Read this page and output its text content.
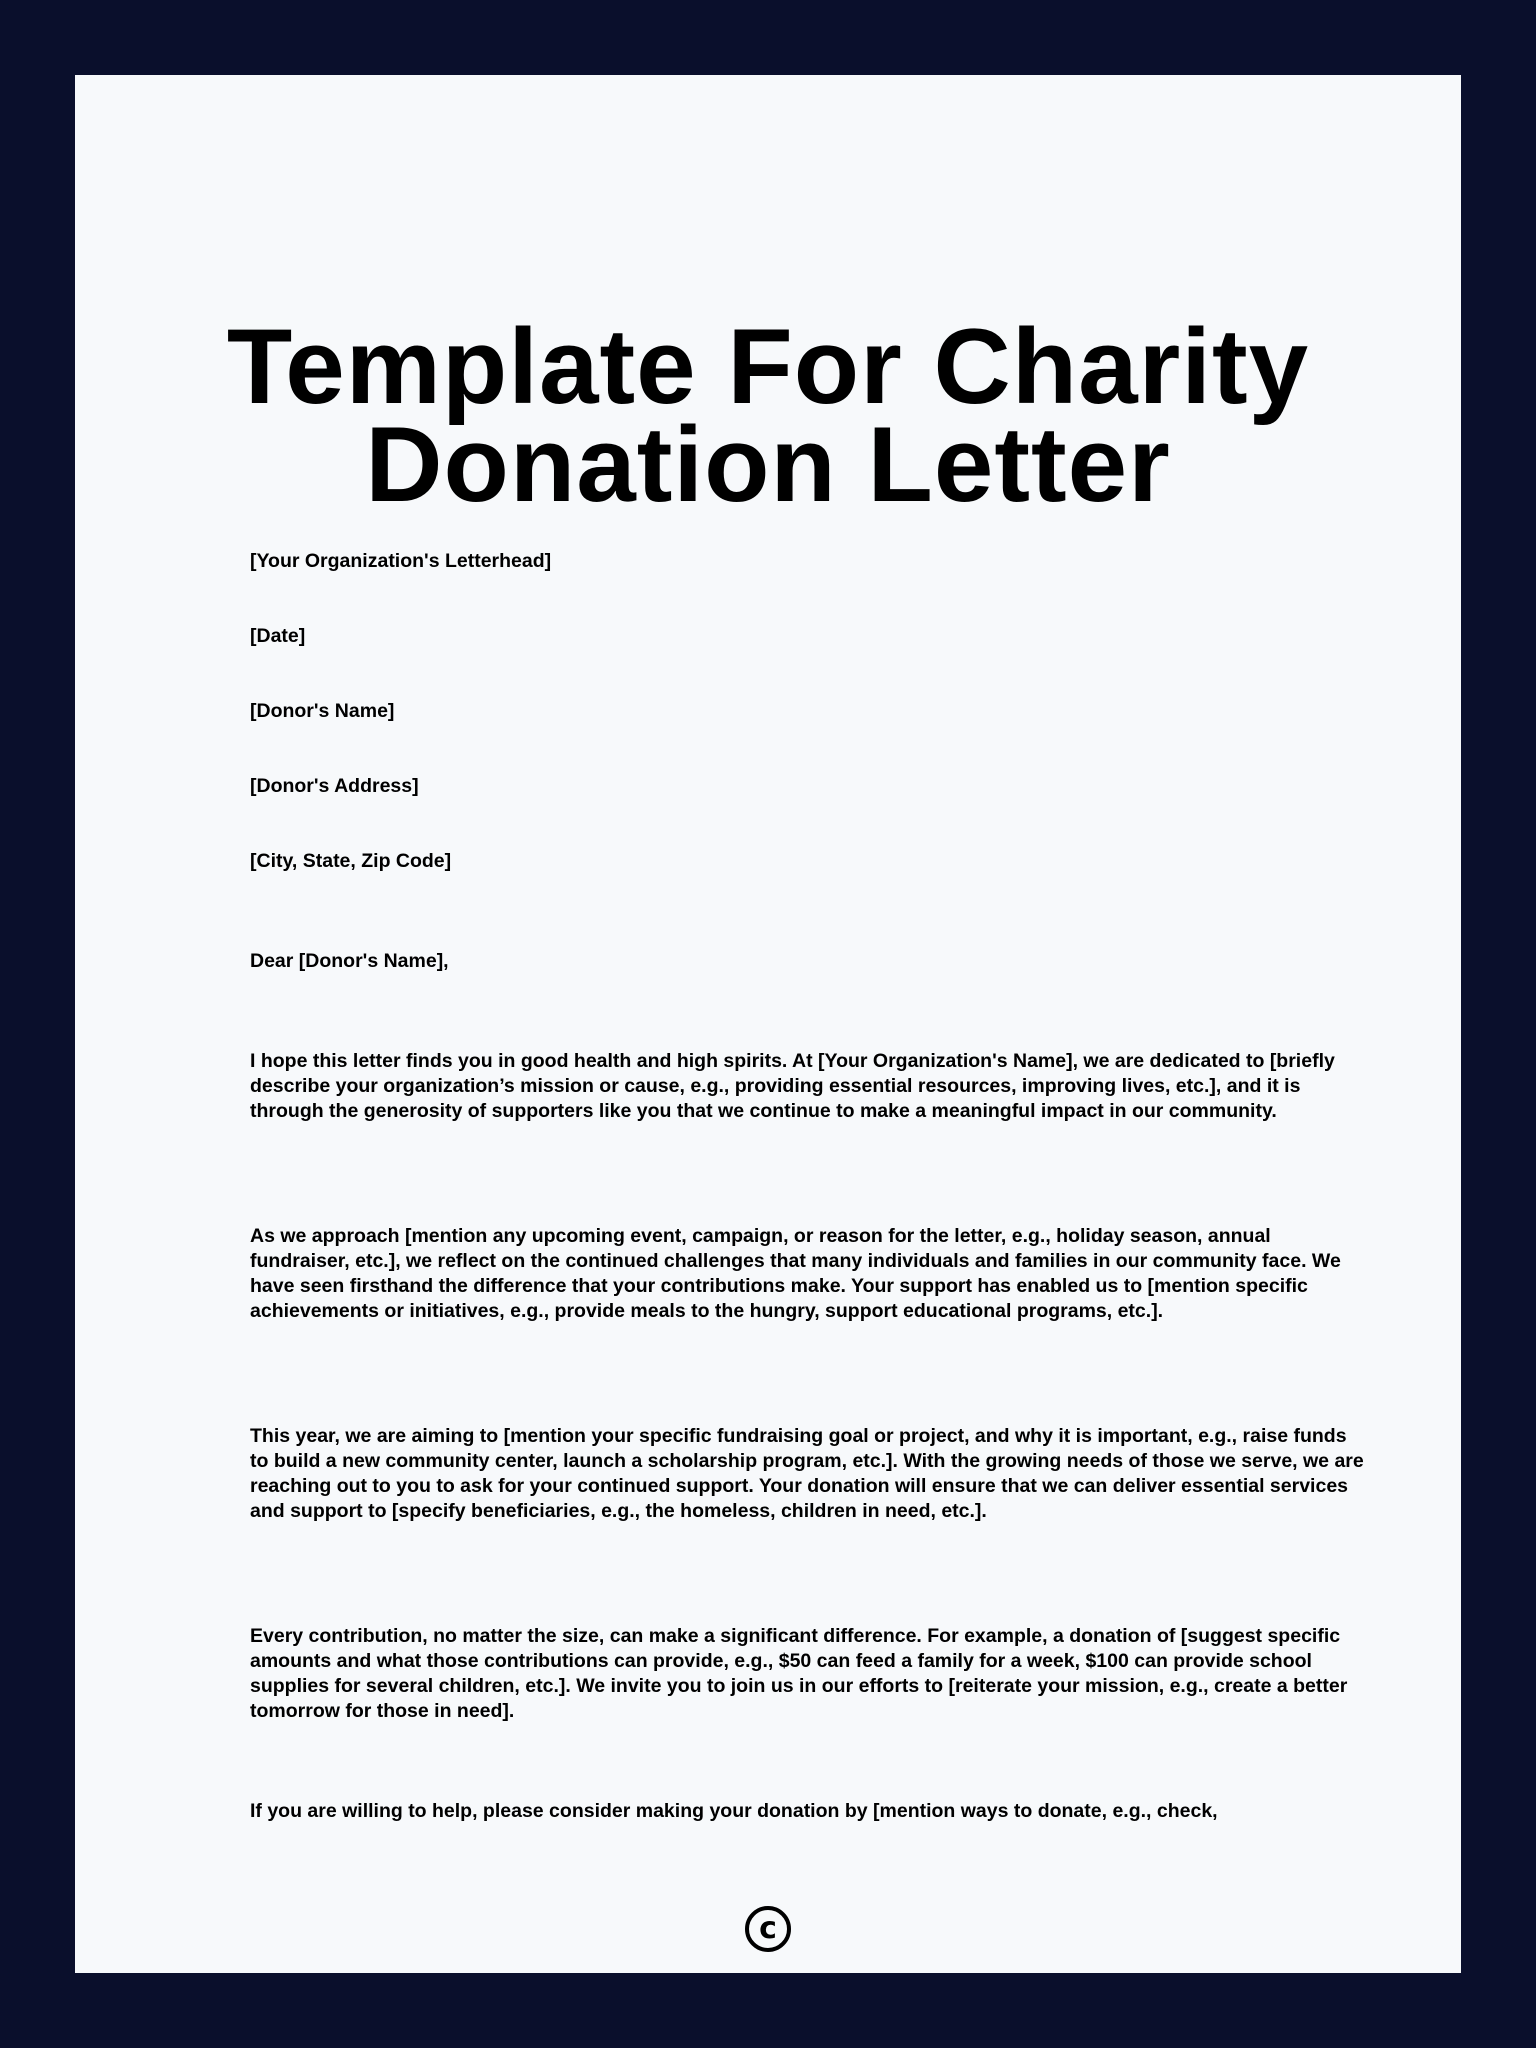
Template For Charity
Donation Letter

[Your Organization's Letterhead]

[Date]

[Donor's Name]

[Donor's Address]

[City, State, Zip Code]

Dear [Donor's Name],

I hope this letter finds you in good health and high spirits. At [Your Organization's Name], we are dedicated to [briefly describe your organization’s mission or cause, e.g., providing essential resources, improving lives, etc.], and it is through the generosity of supporters like you that we continue to make a meaningful impact in our community.

As we approach [mention any upcoming event, campaign, or reason for the letter, e.g., holiday season, annual fundraiser, etc.], we reflect on the continued challenges that many individuals and families in our community face. We have seen firsthand the difference that your contributions make. Your support has enabled us to [mention specific achievements or initiatives, e.g., provide meals to the hungry, support educational programs, etc.].

This year, we are aiming to [mention your specific fundraising goal or project, and why it is important, e.g., raise funds to build a new community center, launch a scholarship program, etc.]. With the growing needs of those we serve, we are reaching out to you to ask for your continued support. Your donation will ensure that we can deliver essential services and support to [specify beneficiaries, e.g., the homeless, children in need, etc.].

Every contribution, no matter the size, can make a significant difference. For example, a donation of [suggest specific amounts and what those contributions can provide, e.g., $50 can feed a family for a week, $100 can provide school supplies for several children, etc.]. We invite you to join us in our efforts to [reiterate your mission, e.g., create a better tomorrow for those in need].

If you are willing to help, please consider making your donation by [mention ways to donate, e.g., check,

c
